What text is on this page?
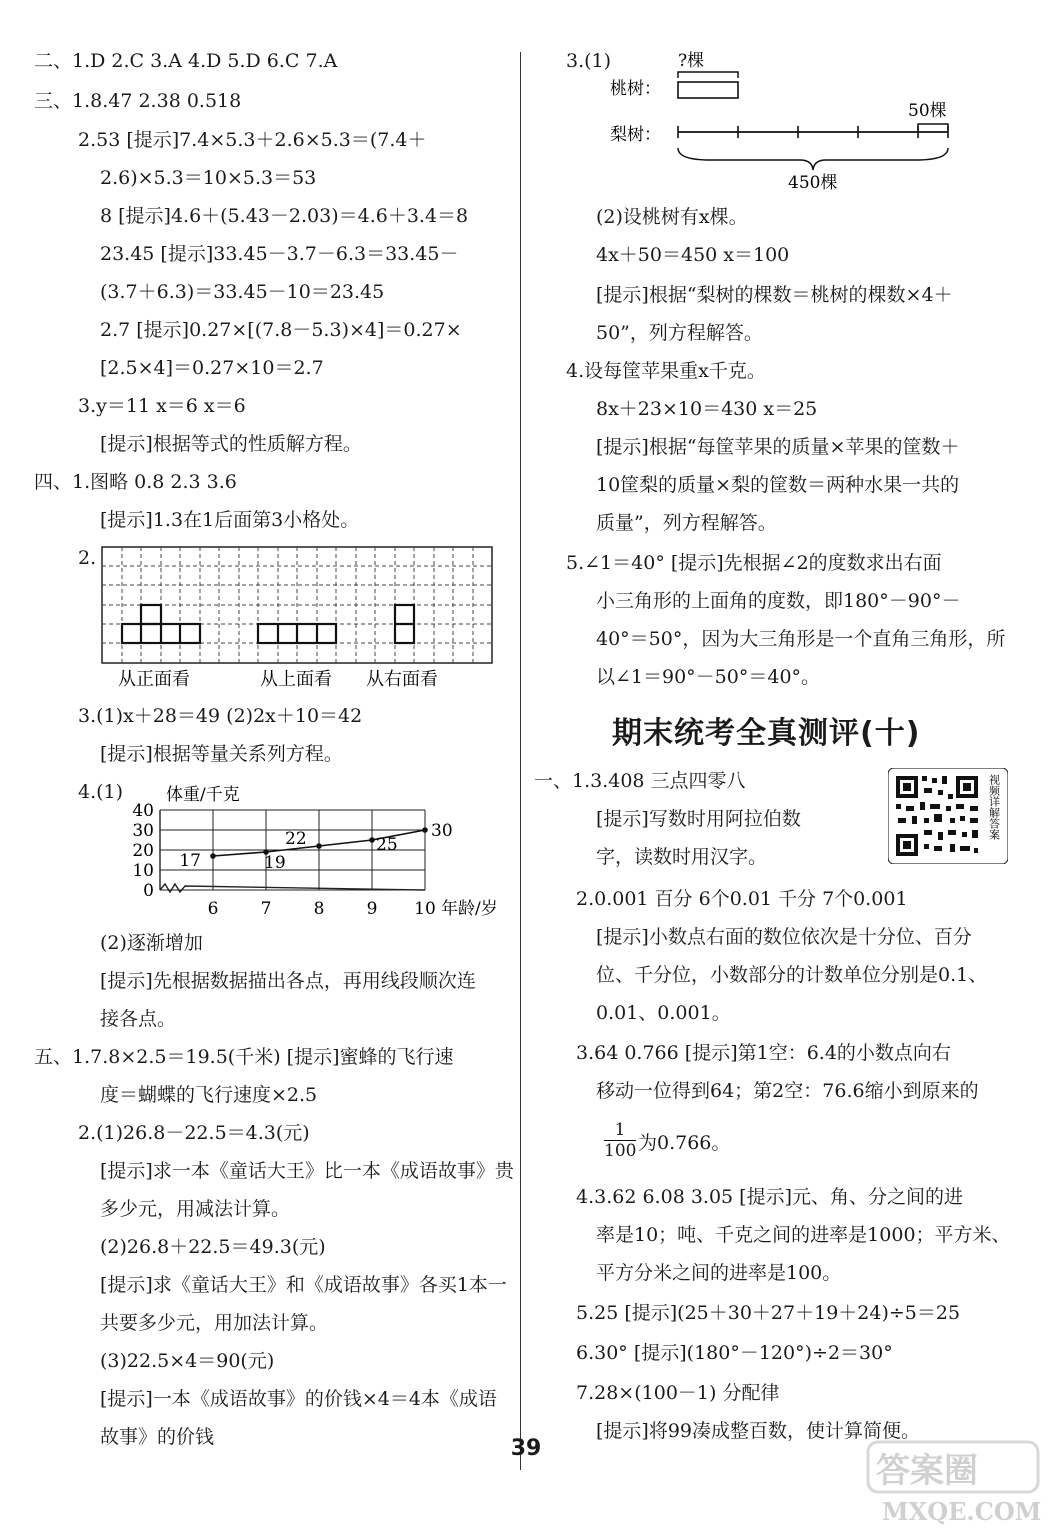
二、1.D 2.C 3.A 4.D 5.D 6.C 7.A
三、1.8.47 2.38 0.518
2.53 [提示]7.4×5.3＋2.6×5.3＝(7.4＋
2.6)×5.3＝10×5.3＝53
8 [提示]4.6＋(5.43－2.03)＝4.6＋3.4＝8
23.45 [提示]33.45－3.7－6.3＝33.45－
(3.7＋6.3)＝33.45－10＝23.45
2.7 [提示]0.27×[(7.8－5.3)×4]＝0.27×
[2.5×4]＝0.27×10＝2.7
3.y＝11 x＝6 x＝6
[提示]根据等式的性质解方程。
四、1.图略 0.8 2.3 3.6
[提示]1.3在1后面第3小格处。
2.
从正面看	从上面看 从右面看
3.(1)x＋28＝49 (2)2x＋10＝42
[提示]根据等量关系列方程。
4.(1)	体重/千克
0
10
20
30
40
6 7 8 9 10 年龄/岁
17	19
22	25
30
(2)逐渐增加
[提示]先根据数据描出各点，再用线段顺次连
接各点。
五、1.7.8×2.5＝19.5(千米) [提示]蜜蜂的飞行速
度＝蝴蝶的飞行速度×2.5
2.(1)26.8－22.5＝4.3(元)
[提示]求一本《童话大王》比一本《成语故事》贵
多少元，用减法计算。
(2)26.8＋22.5＝49.3(元)
[提示]求《童话大王》和《成语故事》各买1本一
共要多少元，用加法计算。
(3)22.5×4＝90(元)
[提示]一本《成语故事》的价钱×4＝4本《成语
故事》的价钱
3.(1)	?棵
桃树：
50棵
梨树：
450棵
(2)设桃树有x棵。
4x＋50＝450 x＝100
[提示]根据“梨树的棵数＝桃树的棵数×4＋
50”，列方程解答。
4.设每筐苹果重x千克。
8x＋23×10＝430 x＝25
[提示]根据“每筐苹果的质量×苹果的筐数＋
10筐梨的质量×梨的筐数＝两种水果一共的
质量”，列方程解答。
5.∠1＝40° [提示]先根据∠2的度数求出右面
小三角形的上面角的度数，即180°－90°－
40°＝50°，因为大三角形是一个直角三角形，所
以∠1＝90°－50°＝40°。
期末统考全真测评(十)
一、1.3.408 三点四零八
[提示]写数时用阿拉伯数
字，读数时用汉字。
视频详解答案
2.0.001 百分 6个0.01 千分 7个0.001
[提示]小数点右面的数位依次是十分位、百分
位、千分位，小数部分的计数单位分别是0.1、
0.01、0.001。
3.64 0.766 [提示]第1空：6.4的小数点向右
移动一位得到64；第2空：76.6缩小到原来的
$\frac{1}{100}$ 为0.766。
4.3.62 6.08 3.05 [提示]元、角、分之间的进
率是10；吨、千克之间的进率是1000；平方米、
平方分米之间的进率是100。
5.25 [提示](25＋30＋27＋19＋24)÷5＝25
6.30° [提示](180°－120°)÷2＝30°
7.28×(100－1) 分配律
[提示]将99凑成整百数，使计算简便。
39
答案圈
MXQE.COM
